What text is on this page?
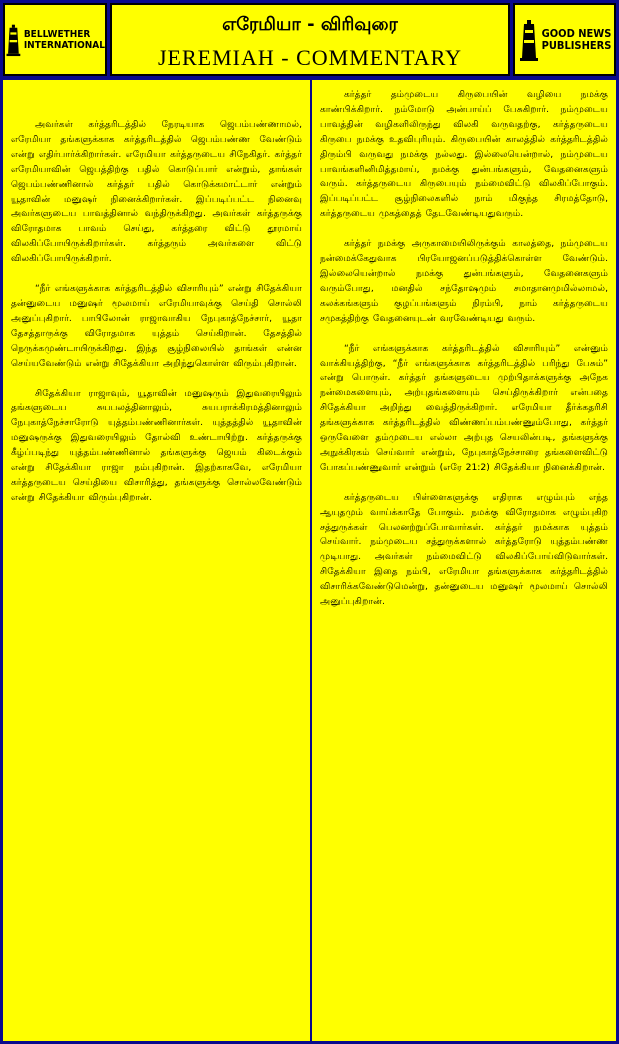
BELLWETHER
INTERNATIONAL
எரேமியா - விரிவுரை
JEREMIAH - COMMENTARY
GOOD NEWS
PUBLISHERS

அவர்கள் கர்த்தரிடத்தில் நேரடியாக ஜெபம்பண்ணாமல், எரேமியா தங்களுக்காக கர்த்தரிடத்தில் ஜெபம்பண்ண வேண்டும் என்று எதிர்பார்க்கிறார்கள். எரேமியா கர்த்தருடைய சிநேகிதர். கர்த்தர் எரேமியாவின் ஜெபத்திற்கு பதில் கொடுப்பார் என்றும், தாங்கள் ஜெபம்பண்ணினால் கர்த்தர் பதில் கொடுக்கமாட்டார் என்றும் யூதாவின் மனுஷர் நினைக்கிறார்கள். இப்படிப்பட்ட நினைவு அவர்களுடைய பாவத்தினால் வந்திருக்கிறது. அவர்கள் கர்த்தருக்கு விரோதமாக பாவம் செய்து, கர்த்தரை விட்டு தூரமாய் விலகிப்போயிருக்கிறார்கள். கர்த்தரும் அவர்களை விட்டு விலகிப்போயிருக்கிறார்.

“நீர் எங்களுக்காக கர்த்தரிடத்தில் விசாரியும்” என்று சிதேக்கியா தன்னுடைய மனுஷர் மூலமாய் எரேமியாவுக்கு செய்தி சொல்லி அனுப்புகிறார். பாபிலோன் ராஜாவாகிய நேபுகாத்நேச்சார், யூதா தேசத்தாருக்கு விரோதமாக யுத்தம் செய்கிறான். தேசத்தில் நெருக்கமுண்டாயிருக்கிறது. இந்த சூழ்நிலையில் தாங்கள் என்ன செய்யவேண்டும் என்று சிதேக்கியா அறிந்துகொள்ள விரும்புகிறான்.

சிதேக்கியா ராஜாவும், யூதாவின் மனுஷரும் இதுவரையிலும் தங்களுடைய சுயபலத்தினாலும், சுயபராக்கிரமத்தினாலும் நேபுகாத்நேச்சாரோடு யுத்தம்பண்ணினார்கள். யுத்தத்தில் யூதாவின் மனுஷருக்கு இதுவரையிலும் தோல்வி உண்டாயிற்று. கர்த்தருக்கு கீழ்ப்படிந்து யுத்தம்பண்ணினால் தங்களுக்கு ஜெயம் கிடைக்கும் என்று சிதேக்கியா ராஜா நம்புகிறான். இதற்காகவே, எரேமியா கர்த்தருடைய செய்தியை விசாரித்து, தங்களுக்கு சொல்லவேண்டும் என்று சிதேக்கியா விரும்புகிறான்.

கர்த்தர் தம்முடைய கிருபையின் வழியை நமக்கு காண்பிக்கிறார். நம்மோடு அன்பாய்ப் பேசுகிறார். நம்முடைய பாவத்தின் வழிகளிலிருந்து விலகி வருவதற்கு, கர்த்தருடைய கிருபை நமக்கு உதவிபுரியும். கிருபையின் காலத்தில் கர்த்தரிடத்தில் திரும்பி வருவது நமக்கு நல்லது. இல்லையென்றால், நம்முடைய பாவங்களினிமித்தமாய், நமக்கு துன்பங்களும், வேதனைகளும் வரும். கர்த்தருடைய கிருபையும் நம்மைவிட்டு விலகிப்போகும். இப்படிப்பட்ட சூழ்நிலைகளில் நாம் மிகுந்த சிரமத்தோடு, கர்த்தருடைய முகத்தைத் தேடவேண்டியதுவரும்.

கர்த்தர் நமக்கு அருகாமையிலிருக்கும் காலத்தை, நம்முடைய நன்மைக்கேதுவாக பிரயோஜனப்படுத்திக்கொள்ள வேண்டும். இல்லையென்றால் நமக்கு துன்பங்களும், வேதனைகளும் வரும்போது, மனதில் சந்தோஷமும் சமாதானமுமில்லாமல், கலக்கங்களும் குழப்பங்களும் நிரம்பி, நாம் கர்த்தருடைய சமுகத்திற்கு வேதனையுடன் வரவேண்டியது வரும்.

“நீர் எங்களுக்காக கர்த்தரிடத்தில் விசாரியும்” என்னும் வாக்கியத்திற்கு, “நீர் எங்களுக்காக கர்த்தரிடத்தில் பரிந்து பேசும்” என்று பொருள். கர்த்தர் தங்களுடைய முற்பிதாக்களுக்கு அநேக நன்மைகளையும், அற்புதங்களையும் செய்திருக்கிறார் என்பதை சிதேக்கியா அறிந்து வைத்திருக்கிறார். எரேமியா தீர்க்கதரிசி தங்களுக்காக கர்த்தரிடத்தில் விண்ணப்பம்பண்ணும்போது, கர்த்தர் ஒருவேளை தம்முடைய எல்லா அற்புத செயலின்படி, தங்களுக்கு அநுக்கிரகம் செய்வார் என்றும், நேபுகாத்நேச்சாரை தங்களைவிட்டு போகப்பண்ணுவார் என்றும் (எரே 21:2) சிதேக்கியா நினைக்கிறான்.

கர்த்தருடைய பிள்ளைகளுக்கு எதிராக எழும்பும் எந்த ஆயுதமும் வாய்க்காதே போகும். நமக்கு விரோதமாக எழும்புகிற சத்துருக்கள் பெலனற்றுப்போவார்கள். கர்த்தர் நமக்காக யுத்தம் செய்வார். நம்முடைய சத்துருக்களால் கர்த்தரோடு யுத்தம்பண்ண முடியாது. அவர்கள் நம்மைவிட்டு விலகிப்போய்விடுவார்கள். சிதேக்கியா இதை நம்பி, எரேமியா தங்களுக்காக கர்த்தரிடத்தில் விசாரிக்கவேண்டுமென்று, தன்னுடைய மனுஷர் மூலமாய் சொல்லி அனுப்புகிறான்.
